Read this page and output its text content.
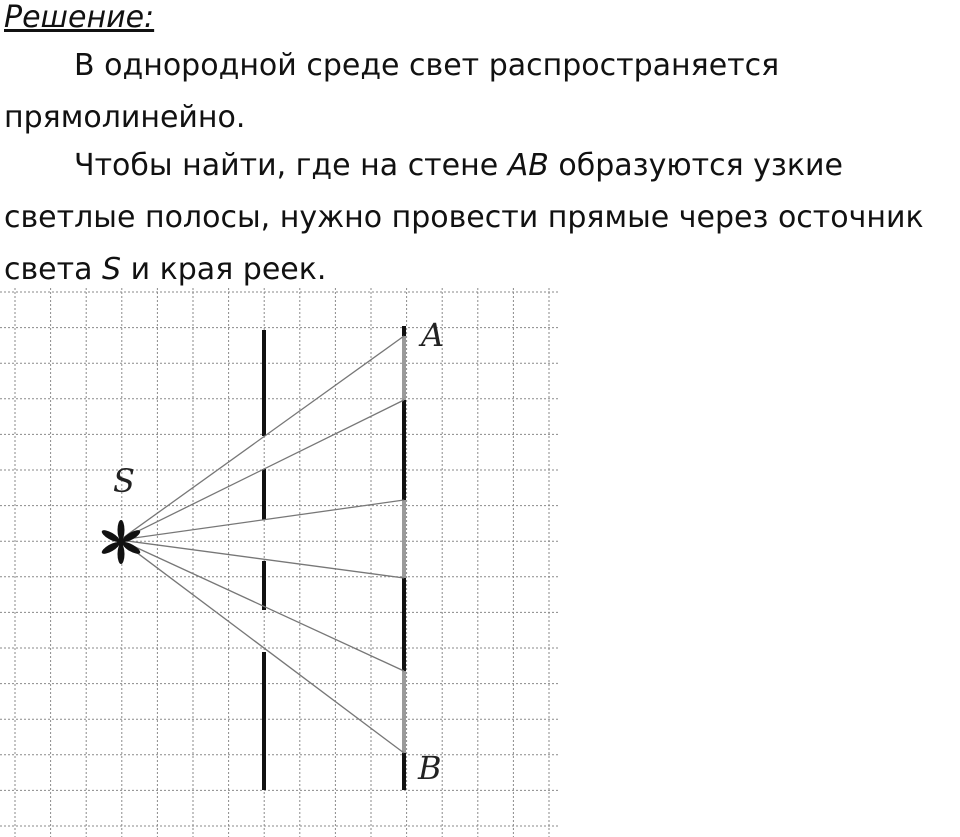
Решение:

В однородной среде свет распространяется прямолинейно.

Чтобы найти, где на стене AB образуются узкие светлые полосы, нужно провести прямые через осточник света S и края реек.

S
A
B
